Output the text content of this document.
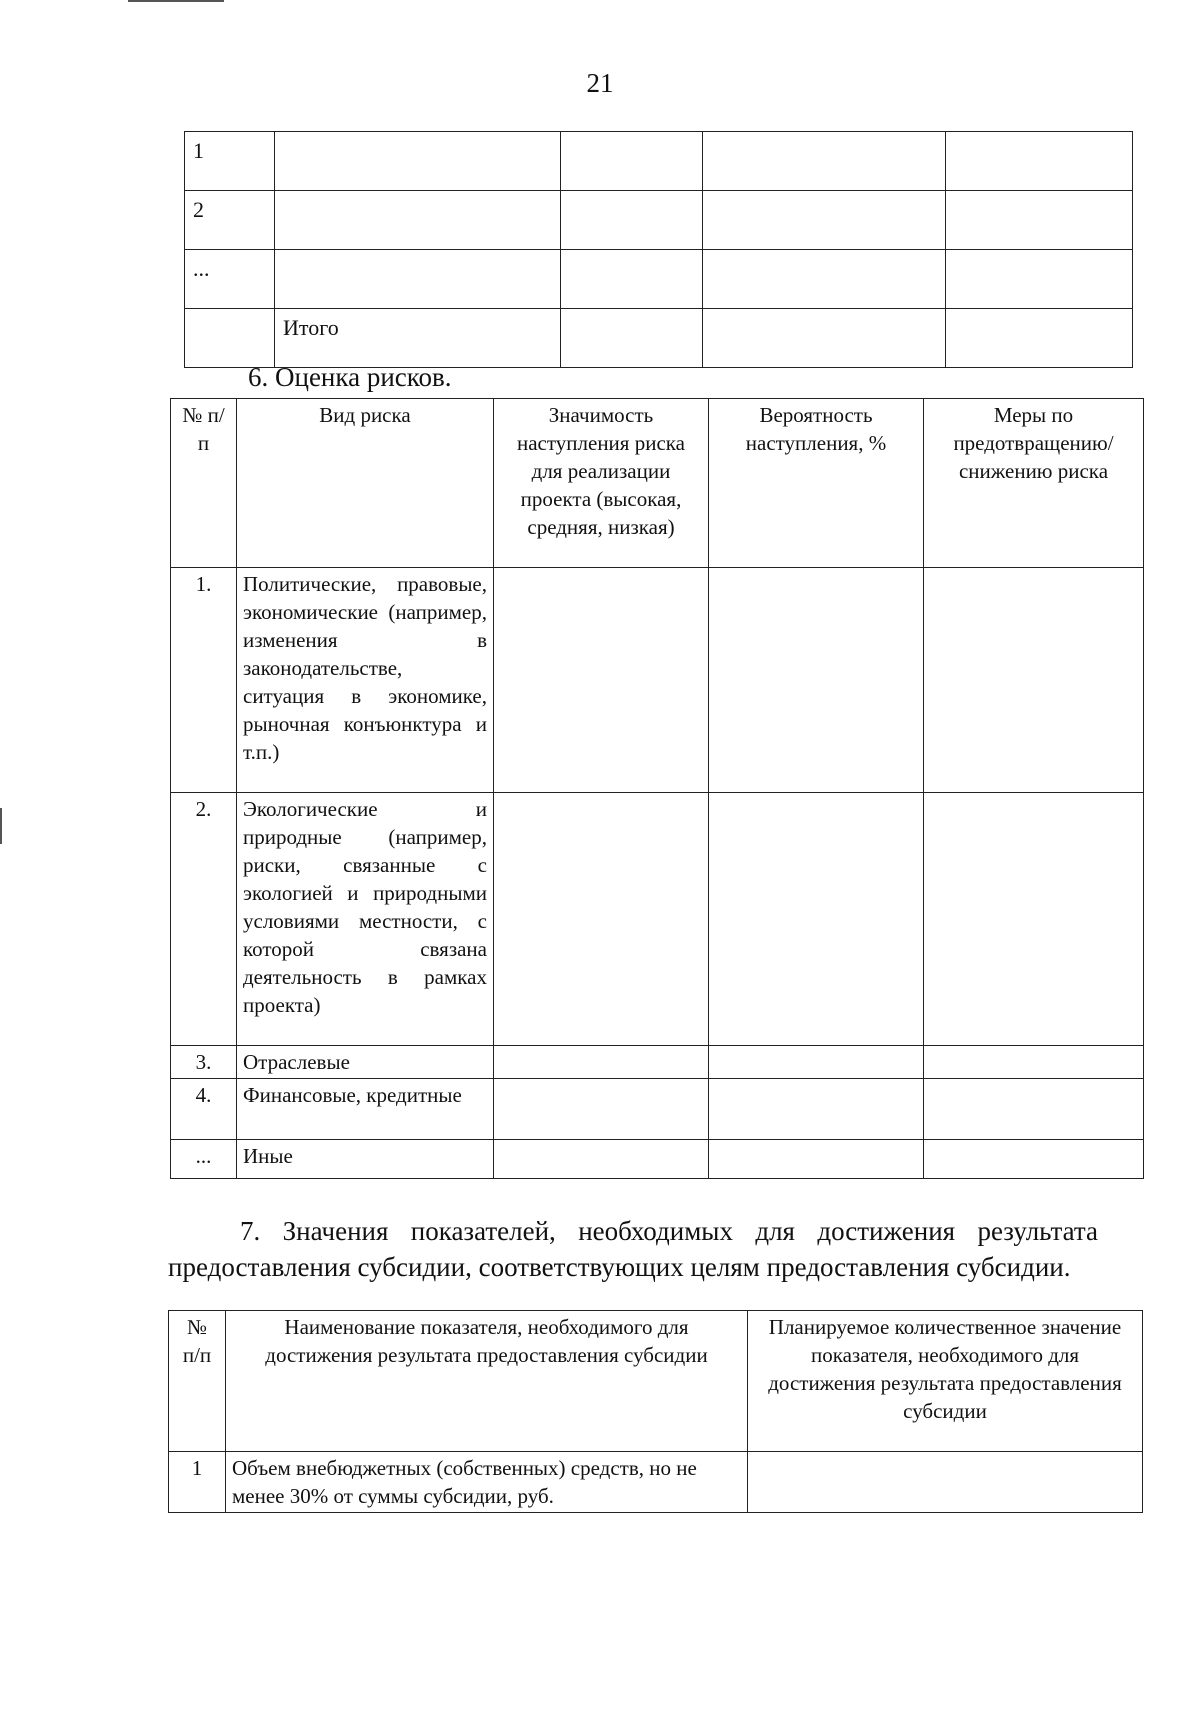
21
1				
2				
...				
	Итого			
6. Оценка рисков.
№ п/п	Вид риска	Значимость наступления риска для реализации проекта (высокая, средняя, низкая)	Вероятность наступления, %	Меры по предотвращению/ снижению риска
1.	Политические, правовые, экономические (например, изменения в законодательстве, ситуация в экономике, рыночная конъюнктура и т.п.)			
2.	Экологические и природные (например, риски, связанные с экологией и природными условиями местности, с которой связана деятельность в рамках проекта)			
3.	Отраслевые			
4.	Финансовые, кредитные			
...	Иные			
7. Значения показателей, необходимых для достижения результата предоставления субсидии, соответствующих целям предоставления субсидии.
№ п/п	Наименование показателя, необходимого для достижения результата предоставления субсидии	Планируемое количественное значение показателя, необходимого для достижения результата предоставления субсидии
1	Объем внебюджетных (собственных) средств, но не менее 30% от суммы субсидии, руб.	
